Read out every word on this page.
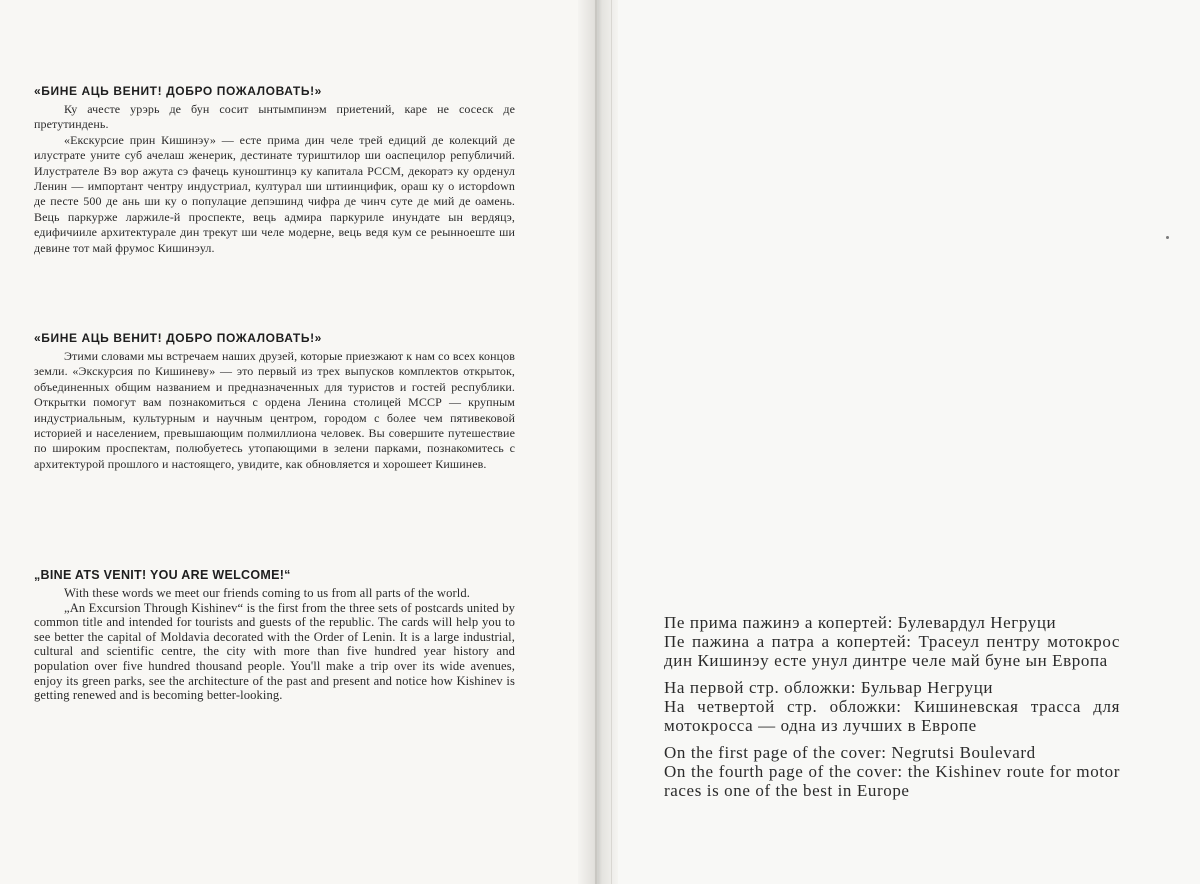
«БИНЕ АЦЬ ВЕНИТ! ДОБРО ПОЖАЛОВАТЬ!»

Ку ачесте урэрь де бун сосит ынтымпинэм приетений, каре не сосеск де претутиндень.
«Екскурсие прин Кишинэу» — есте прима дин челе трей едиций де колекций де илустрате уните суб ачелаш женерик, дестинате туриштилор ши оаспецилор републичий. Илустрателе Вэ вор ажута сэ фачець куноштинцэ ку капитала РССМ, декоратэ ку орденул Ленин — импортант чентру индустриал, културал ши штиинцифик, ораш ку о исторdown де песте 500 де ань ши ку о популацие депэшинд чифра де чинч суте де мий де оамень. Вець паркурже ларжиле-й проспекте, вець адмира паркуриле инундате ын вердяцэ, едифичииле архитектурале дин трекут ши челе модерне, вець ведя кум се реынноеште ши девине тот май фрумос Кишинэул.

«БИНЕ АЦЬ ВЕНИТ! ДОБРО ПОЖАЛОВАТЬ!»

Этими словами мы встречаем наших друзей, которые приезжают к нам со всех концов земли. «Экскурсия по Кишиневу» — это первый из трех выпусков комплектов открыток, объединенных общим названием и предназначенных для туристов и гостей республики. Открытки помогут вам познакомиться с ордена Ленина столицей МССР — крупным индустриальным, культурным и научным центром, городом с более чем пятивековой историей и населением, превышающим полмиллиона человек. Вы совершите путешествие по широким проспектам, полюбуетесь утопающими в зелени парками, познакомитесь с архитектурой прошлого и настоящего, увидите, как обновляется и хорошеет Кишинев.

„BINE ATS VENIT! YOU ARE WELCOME!“

With these words we meet our friends coming to us from all parts of the world.
„An Excursion Through Kishinev“ is the first from the three sets of postcards united by common title and intended for tourists and guests of the republic. The cards will help you to see better the capital of Moldavia decorated with the Order of Lenin. It is a large industrial, cultural and scientific centre, the city with more than five hundred year history and population over five hundred thousand people. You'll make a trip over its wide avenues, enjoy its green parks, see the architecture of the past and present and notice how Kishinev is getting renewed and is becoming better-looking.

Пе прима пажинэ а копертей: Булевардул Негруци

Пе пажина а патра а копертей: Трасеул пентру мотокрос дин Кишинэу есте унул динтре челе май буне ын Европа

На первой стр. обложки: Бульвар Негруци

На четвертой стр. обложки: Кишиневская трасса для мотокросса — одна из лучших в Европе

On the first page of the cover: Negrutsi Boulevard

On the fourth page of the cover: the Kishinev route for motor races is one of the best in Europe
